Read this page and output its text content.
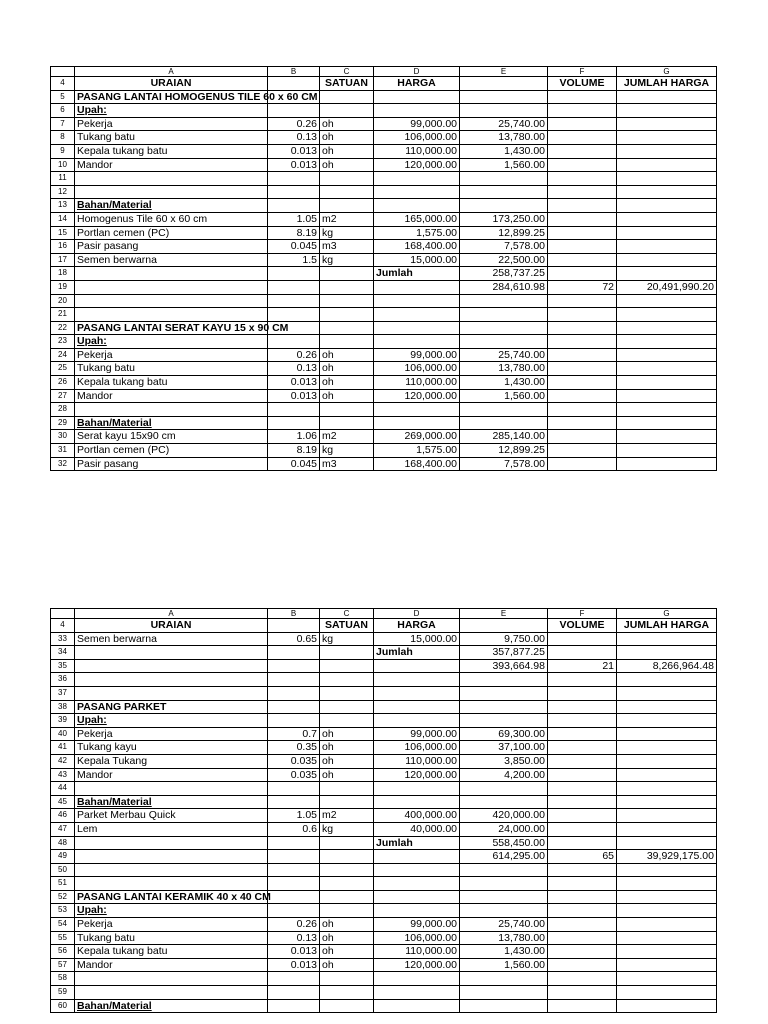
	A	B	C	D	E	F	G
4	URAIAN		SATUAN	HARGA		VOLUME	JUMLAH HARGA
5	PASANG LANTAI HOMOGENUS TILE 60 x 60 CM						
6	Upah:						
7	Pekerja	0.26	oh	99,000.00	25,740.00		
8	Tukang batu	0.13	oh	106,000.00	13,780.00		
9	Kepala tukang batu	0.013	oh	110,000.00	1,430.00		
10	Mandor	0.013	oh	120,000.00	1,560.00		
11							
12							
13	Bahan/Material						
14	Homogenus Tile 60 x 60 cm	1.05	m2	165,000.00	173,250.00		
15	Portlan cemen (PC)	8.19	kg	1,575.00	12,899.25		
16	Pasir pasang	0.045	m3	168,400.00	7,578.00		
17	Semen berwarna	1.5	kg	15,000.00	22,500.00		
18				Jumlah	258,737.25		
19					284,610.98	72	20,491,990.20
20							
21							
22	PASANG LANTAI SERAT KAYU 15 x 90 CM						
23	Upah:						
24	Pekerja	0.26	oh	99,000.00	25,740.00		
25	Tukang batu	0.13	oh	106,000.00	13,780.00		
26	Kepala tukang batu	0.013	oh	110,000.00	1,430.00		
27	Mandor	0.013	oh	120,000.00	1,560.00		
28							
29	Bahan/Material						
30	Serat kayu 15x90 cm	1.06	m2	269,000.00	285,140.00		
31	Portlan cemen (PC)	8.19	kg	1,575.00	12,899.25		
32	Pasir pasang	0.045	m3	168,400.00	7,578.00		
	A	B	C	D	E	F	G
4	URAIAN		SATUAN	HARGA		VOLUME	JUMLAH HARGA
33	Semen berwarna	0.65	kg	15,000.00	9,750.00		
34				Jumlah	357,877.25		
35					393,664.98	21	8,266,964.48
36							
37							
38	PASANG PARKET						
39	Upah:						
40	Pekerja	0.7	oh	99,000.00	69,300.00		
41	Tukang kayu	0.35	oh	106,000.00	37,100.00		
42	Kepala Tukang	0.035	oh	110,000.00	3,850.00		
43	Mandor	0.035	oh	120,000.00	4,200.00		
44							
45	Bahan/Material						
46	Parket Merbau Quick	1.05	m2	400,000.00	420,000.00		
47	Lem	0.6	kg	40,000.00	24,000.00		
48				Jumlah	558,450.00		
49					614,295.00	65	39,929,175.00
50							
51							
52	PASANG LANTAI KERAMIK 40 x 40 CM						
53	Upah:						
54	Pekerja	0.26	oh	99,000.00	25,740.00		
55	Tukang batu	0.13	oh	106,000.00	13,780.00		
56	Kepala tukang batu	0.013	oh	110,000.00	1,430.00		
57	Mandor	0.013	oh	120,000.00	1,560.00		
58							
59							
60	Bahan/Material						
